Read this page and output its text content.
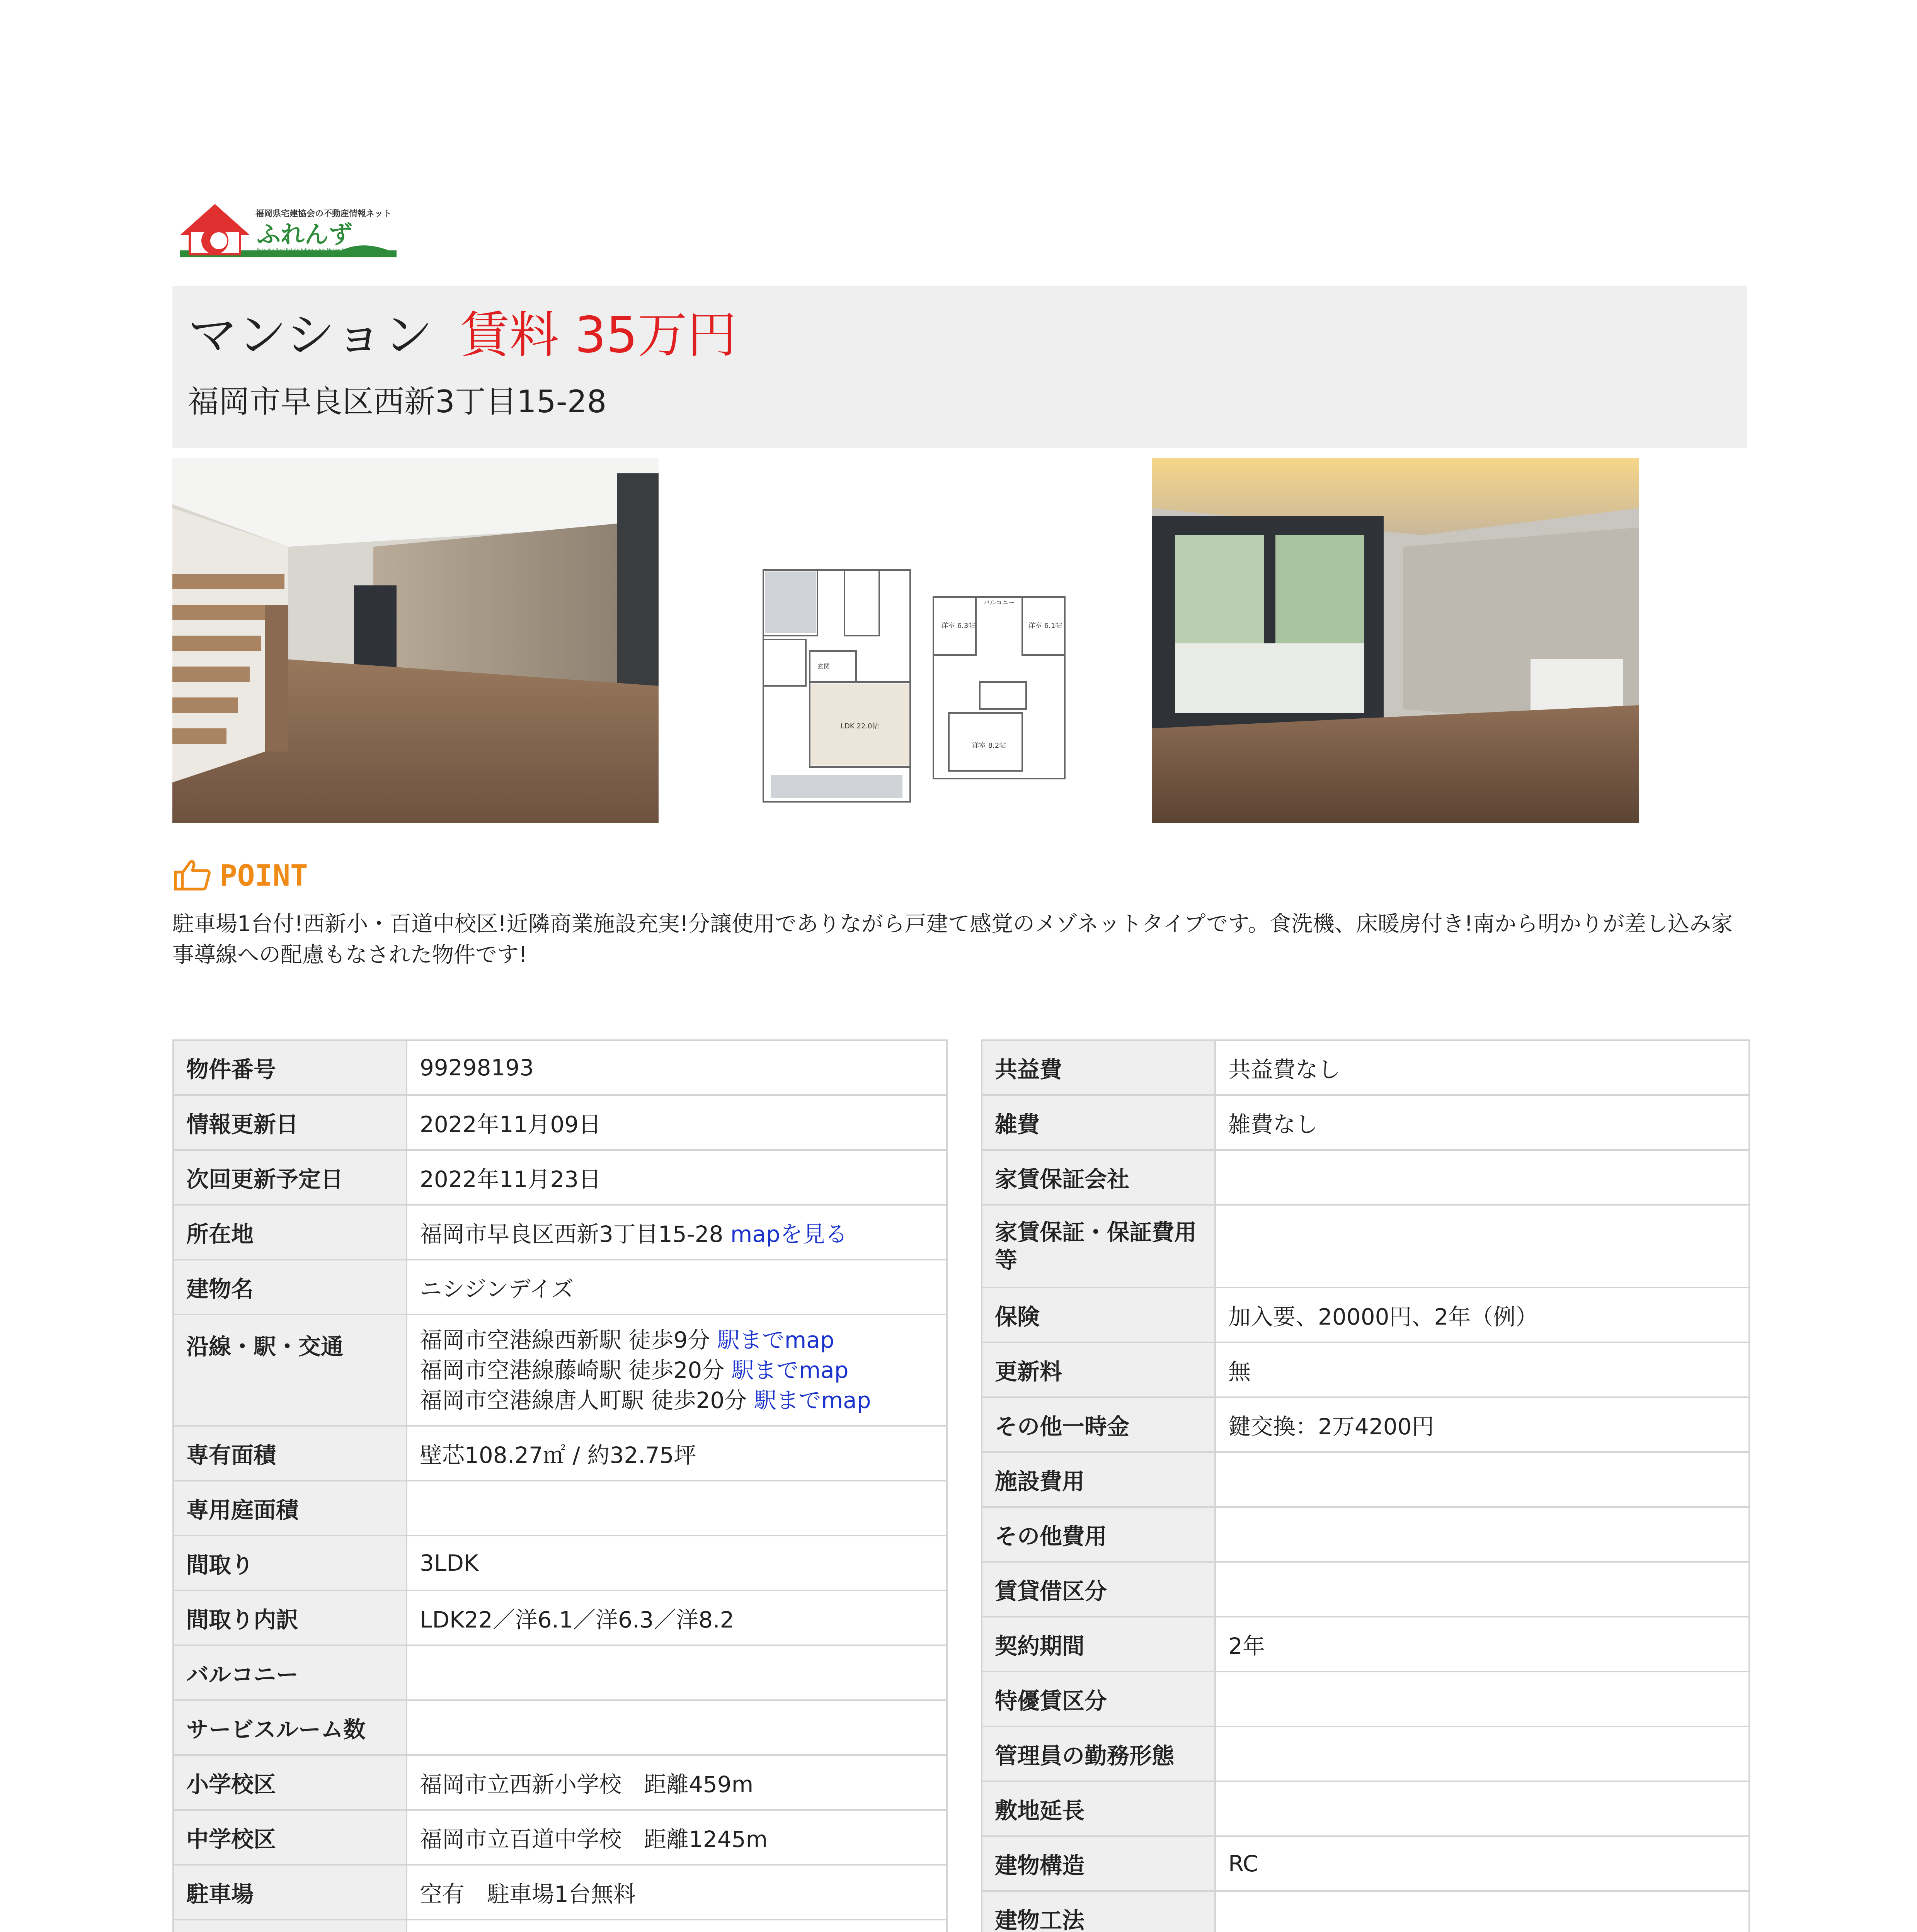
福岡県宅建協会の不動産情報ネット
ふれんず
Fukuoka Real Estate Information Network System
マンション 賃料 35万円
福岡市早良区西新3丁目15-28
洋室 6.3帖	洋室 6.1帖
LDK 22.0帖
洋室 8.2帖
バルコニー
玄関
POINT
駐車場1台付!西新小・百道中校区!近隣商業施設充実!分譲使用でありながら戸建て感覚のメゾネットタイプです。食洗機、床暖房付き!南から明かりが差し込み家事導線への配慮もなされた物件です!
物件番号	99298193
情報更新日	2022年11月09日
次回更新予定日	2022年11月23日
所在地	福岡市早良区西新3丁目15-28 mapを見る
建物名	ニシジンデイズ
沿線・駅・交通	福岡市空港線西新駅 徒歩9分 駅までmap
福岡市空港線藤崎駅 徒歩20分 駅までmap
福岡市空港線唐人町駅 徒歩20分 駅までmap

専有面積	壁芯108.27㎡ / 約32.75坪
専用庭面積	
間取り	3LDK
間取り内訳	LDK22／洋6.1／洋6.3／洋8.2
バルコニー	
サービスルーム数	
小学校区	福岡市立西新小学校　距離459m
中学校区	福岡市立百道中学校　距離1245m
駐車場	空有　駐車場1台無料

共益費	共益費なし
雑費	雑費なし
家賃保証会社	
家賃保証・保証費用等	
保険	加入要、20000円、2年（例）
更新料	無
その他一時金	鍵交換：2万4200円
施設費用	
その他費用	
賃貸借区分	
契約期間	2年
特優賃区分	
管理員の勤務形態	
敷地延長	
建物構造	RC
建物工法	
